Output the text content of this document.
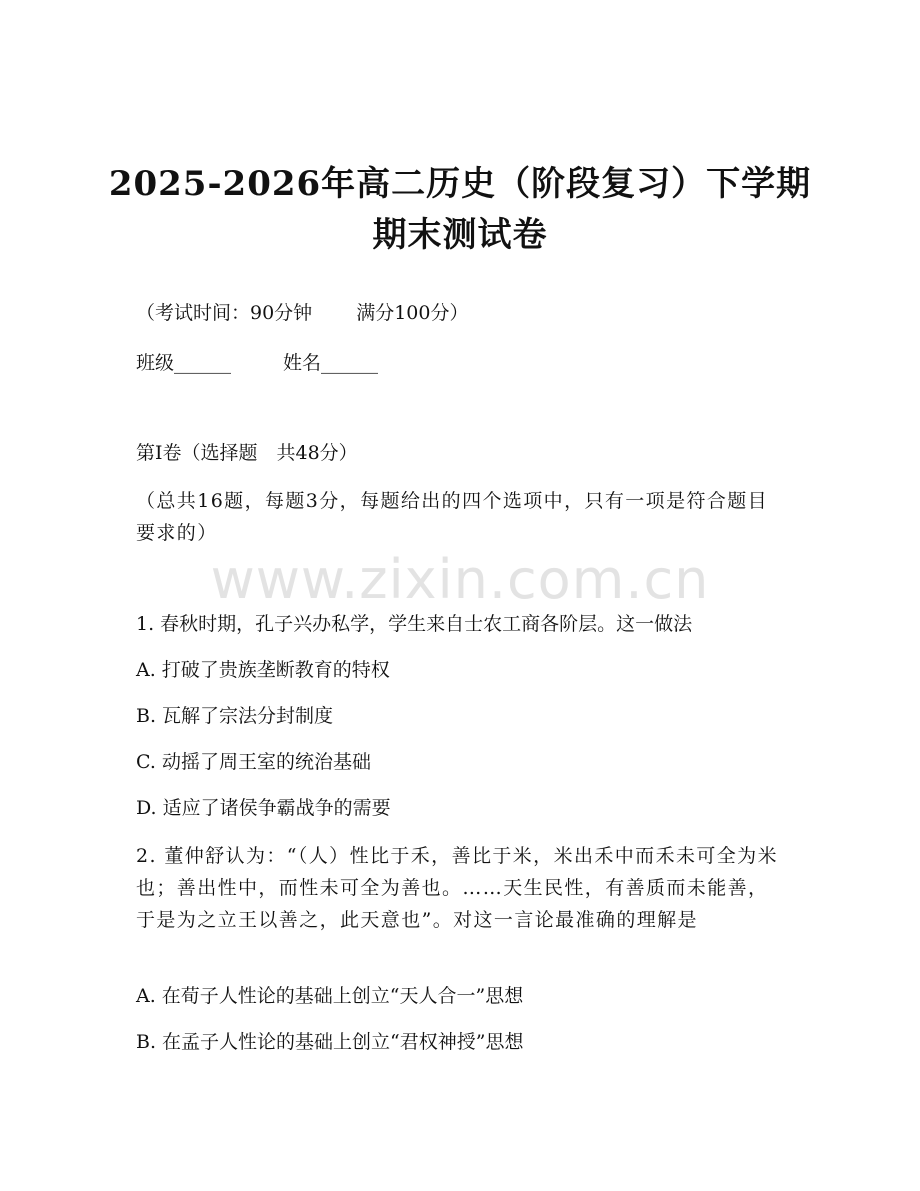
2025-2026年高二历史（阶段复习）下学期
期末测试卷
（考试时间：90分钟 满分100分）
班级______	姓名______
第Ⅰ卷（选择题　共48分）
（总共16题，每题3分，每题给出的四个选项中，只有一项是符合题目要求的）
www.zixin.com.cn
1. 春秋时期，孔子兴办私学，学生来自士农工商各阶层。这一做法
A. 打破了贵族垄断教育的特权
B. 瓦解了宗法分封制度
C. 动摇了周王室的统治基础
D. 适应了诸侯争霸战争的需要
2. 董仲舒认为：“（人）性比于禾，善比于米，米出禾中而禾未可全为米也；善出性中，而性未可全为善也。……天生民性，有善质而未能善，于是为之立王以善之，此天意也”。对这一言论最准确的理解是
A. 在荀子人性论的基础上创立“天人合一”思想
B. 在孟子人性论的基础上创立“君权神授”思想
